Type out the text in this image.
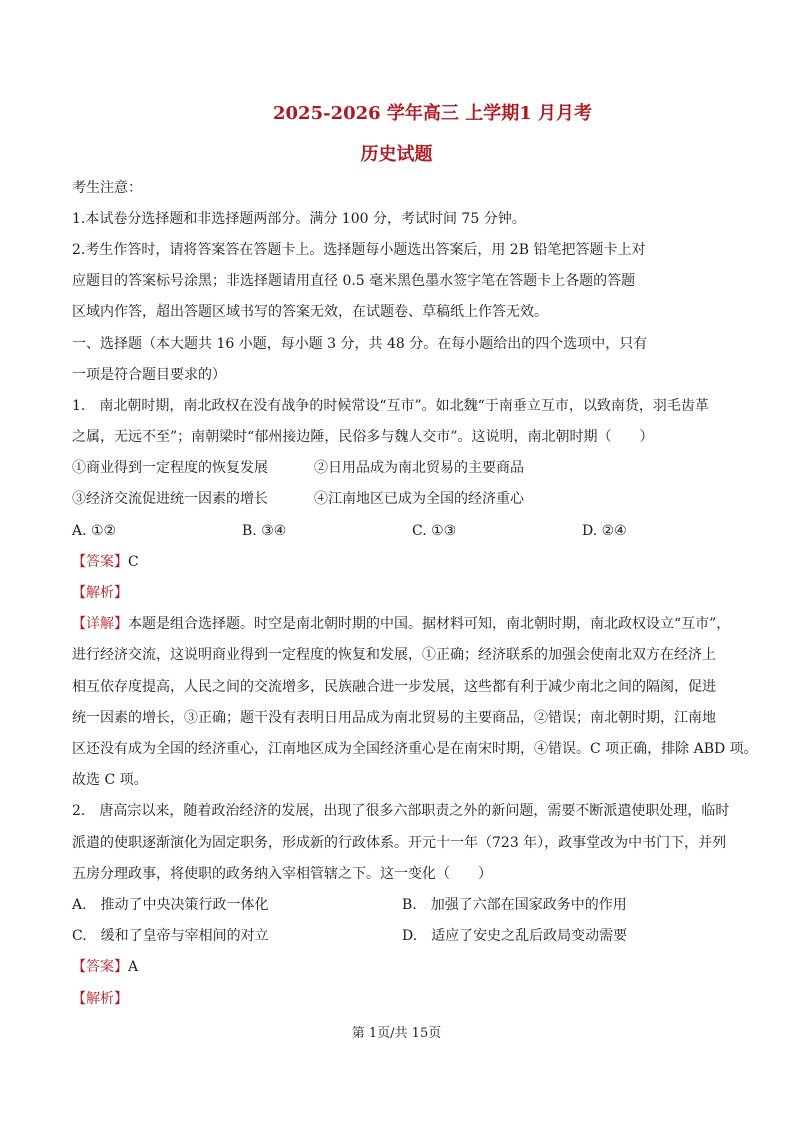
2025-2026 学年高三 上学期1 月月考
历史试题
考生注意：
1.本试卷分选择题和非选择题两部分。满分 100 分，考试时间 75 分钟。
2.考生作答时，请将答案答在答题卡上。选择题每小题选出答案后，用 2B 铅笔把答题卡上对
应题目的答案标号涂黑；非选择题请用直径 0.5 毫米黑色墨水签字笔在答题卡上各题的答题
区域内作答，超出答题区域书写的答案无效，在试题卷、草稿纸上作答无效。
一、选择题（本大题共 16 小题，每小题 3 分，共 48 分。在每小题给出的四个选项中，只有
一项是符合题目要求的）
1.　南北朝时期，南北政权在没有战争的时候常设“互市”。如北魏“于南垂立互市，以致南货，羽毛齿革
之属，无远不至”；南朝梁时“郁州接边陲，民俗多与魏人交市”。这说明，南北朝时期（　　）
①商业得到一定程度的恢复发展	②日用品成为南北贸易的主要商品
③经济交流促进统一因素的增长	④江南地区已成为全国的经济重心
A. ①②	B. ③④	C. ①③	D. ②④
【答案】C
【解析】
【详解】本题是组合选择题。时空是南北朝时期的中国。据材料可知，南北朝时期，南北政权设立“互市”，
进行经济交流，这说明商业得到一定程度的恢复和发展，①正确；经济联系的加强会使南北双方在经济上
相互依存度提高，人民之间的交流增多，民族融合进一步发展，这些都有利于减少南北之间的隔阂，促进
统一因素的增长，③正确；题干没有表明日用品成为南北贸易的主要商品，②错误；南北朝时期，江南地
区还没有成为全国的经济重心，江南地区成为全国经济重心是在南宋时期，④错误。C 项正确，排除 ABD 项。
故选 C 项。
2.　唐高宗以来，随着政治经济的发展，出现了很多六部职责之外的新问题，需要不断派遣使职处理，临时
派遣的使职逐渐演化为固定职务，形成新的行政体系。开元十一年（723 年），政事堂改为中书门下，并列
五房分理政事，将使职的政务纳入宰相管辖之下。这一变化（　　）
A.　推动了中央决策行政一体化	B.　加强了六部在国家政务中的作用
C.　缓和了皇帝与宰相间的对立	D.　适应了安史之乱后政局变动需要
【答案】A
【解析】
第 1页/共 15页
